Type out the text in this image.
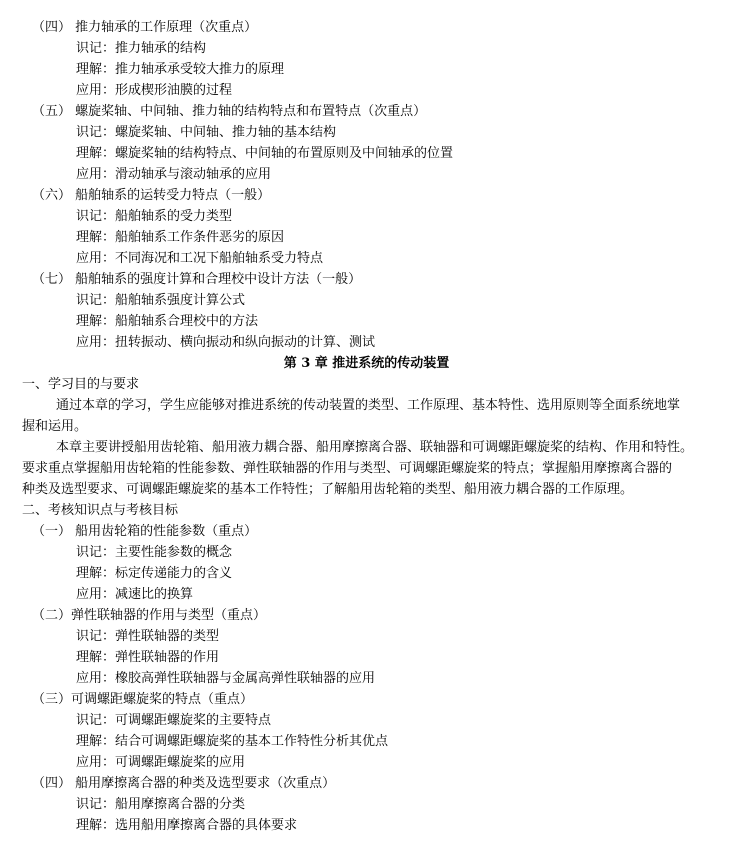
（四） 推力轴承的工作原理（次重点）
识记：推力轴承的结构
理解：推力轴承承受较大推力的原理
应用：形成楔形油膜的过程
（五） 螺旋桨轴、中间轴、推力轴的结构特点和布置特点（次重点）
识记：螺旋桨轴、中间轴、推力轴的基本结构
理解：螺旋桨轴的结构特点、中间轴的布置原则及中间轴承的位置
应用：滑动轴承与滚动轴承的应用
（六） 船舶轴系的运转受力特点（一般）
识记：船舶轴系的受力类型
理解：船舶轴系工作条件恶劣的原因
应用：不同海况和工况下船舶轴系受力特点
（七） 船舶轴系的强度计算和合理校中设计方法（一般）
识记：船舶轴系强度计算公式
理解：船舶轴系合理校中的方法
应用：扭转振动、横向振动和纵向振动的计算、测试
第 3 章 推进系统的传动装置
一、学习目的与要求
通过本章的学习，学生应能够对推进系统的传动装置的类型、工作原理、基本特性、选用原则等全面系统地掌
握和运用。
本章主要讲授船用齿轮箱、船用液力耦合器、船用摩擦离合器、联轴器和可调螺距螺旋桨的结构、作用和特性。
要求重点掌握船用齿轮箱的性能参数、弹性联轴器的作用与类型、可调螺距螺旋桨的特点；掌握船用摩擦离合器的
种类及选型要求、可调螺距螺旋桨的基本工作特性；了解船用齿轮箱的类型、船用液力耦合器的工作原理。
二、考核知识点与考核目标
（一） 船用齿轮箱的性能参数（重点）
识记：主要性能参数的概念
理解：标定传递能力的含义
应用：减速比的换算
（二）弹性联轴器的作用与类型（重点）
识记：弹性联轴器的类型
理解：弹性联轴器的作用
应用：橡胶高弹性联轴器与金属高弹性联轴器的应用
（三）可调螺距螺旋桨的特点（重点）
识记：可调螺距螺旋桨的主要特点
理解：结合可调螺距螺旋桨的基本工作特性分析其优点
应用：可调螺距螺旋桨的应用
（四） 船用摩擦离合器的种类及选型要求（次重点）
识记：船用摩擦离合器的分类
理解：选用船用摩擦离合器的具体要求
